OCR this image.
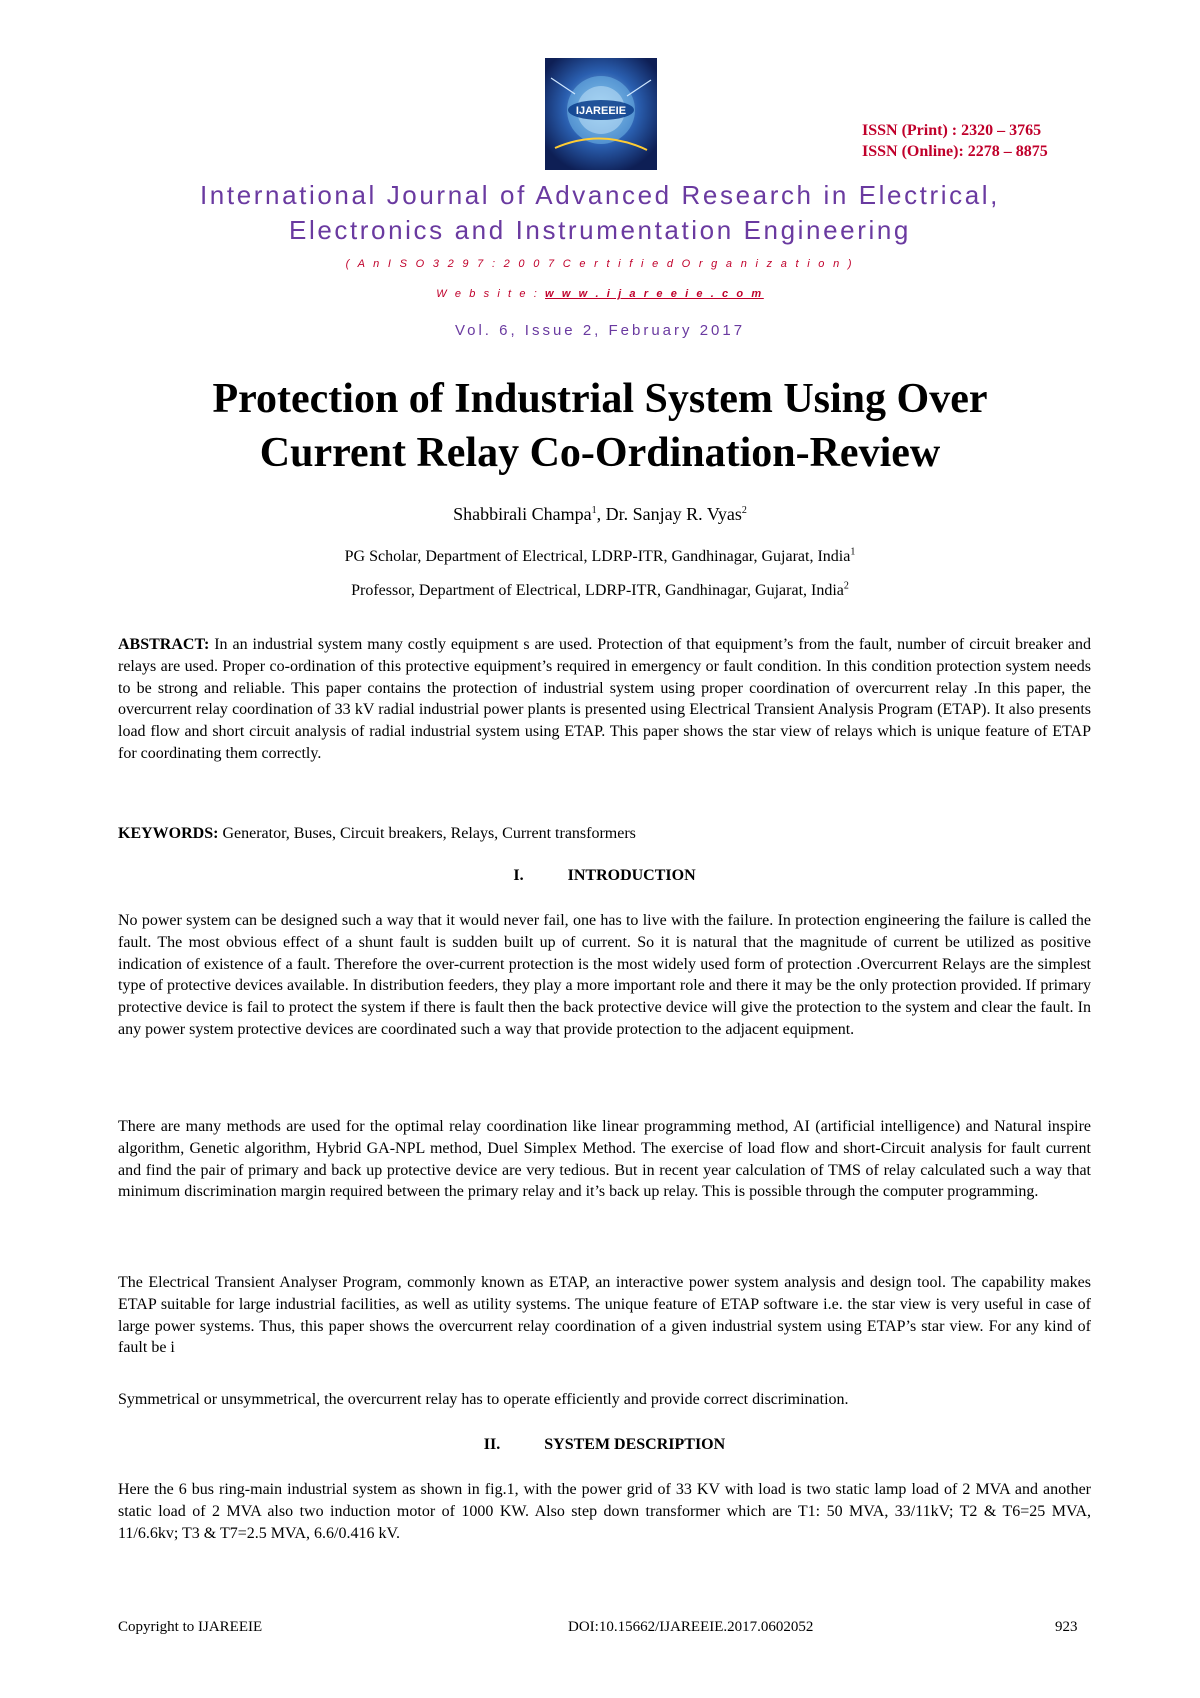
IJAREEIE
ISSN (Print) : 2320 – 3765
ISSN (Online): 2278 – 8875
International Journal of Advanced Research in Electrical,
Electronics and Instrumentation Engineering
( A n I S O 3 2 9 7 : 2 0 0 7 C e r t i f i e d O r g a n i z a t i o n )
W e b s i t e : w w w . i j a r e e i e . c o m
Vol. 6, Issue 2, February 2017
Protection of Industrial System Using Over
Current Relay Co-Ordination-Review
Shabbirali Champa$^1$, Dr. Sanjay R. Vyas$^2$
PG Scholar, Department of Electrical, LDRP-ITR, Gandhinagar, Gujarat, India$^1$
Professor, Department of Electrical, LDRP-ITR, Gandhinagar, Gujarat, India$^2$
ABSTRACT: In an industrial system many costly equipment s are used. Protection of that equipment’s from the fault, number of circuit breaker and relays are used. Proper co-ordination of this protective equipment’s required in emergency or fault condition. In this condition protection system needs to be strong and reliable. This paper contains the protection of industrial system using proper coordination of overcurrent relay .In this paper, the overcurrent relay coordination of 33 kV radial industrial power plants is presented using Electrical Transient Analysis Program (ETAP). It also presents load flow and short circuit analysis of radial industrial system using ETAP. This paper shows the star view of relays which is unique feature of ETAP for coordinating them correctly.
KEYWORDS: Generator, Buses, Circuit breakers, Relays, Current transformers
I.	INTRODUCTION
No power system can be designed such a way that it would never fail, one has to live with the failure. In protection engineering the failure is called the fault. The most obvious effect of a shunt fault is sudden built up of current. So it is natural that the magnitude of current be utilized as positive indication of existence of a fault. Therefore the over-current protection is the most widely used form of protection .Overcurrent Relays are the simplest type of protective devices available. In distribution feeders, they play a more important role and there it may be the only protection provided. If primary protective device is fail to protect the system if there is fault then the back protective device will give the protection to the system and clear the fault. In any power system protective devices are coordinated such a way that provide protection to the adjacent equipment.
There are many methods are used for the optimal relay coordination like linear programming method, AI (artificial intelligence) and Natural inspire algorithm, Genetic algorithm, Hybrid GA-NPL method, Duel Simplex Method. The exercise of load flow and short-Circuit analysis for fault current and find the pair of primary and back up protective device are very tedious. But in recent year calculation of TMS of relay calculated such a way that minimum discrimination margin required between the primary relay and it’s back up relay. This is possible through the computer programming.
The Electrical Transient Analyser Program, commonly known as ETAP, an interactive power system analysis and design tool. The capability makes ETAP suitable for large industrial facilities, as well as utility systems. The unique feature of ETAP software i.e. the star view is very useful in case of large power systems. Thus, this paper shows the overcurrent relay coordination of a given industrial system using ETAP’s star view. For any kind of fault be i
Symmetrical or unsymmetrical, the overcurrent relay has to operate efficiently and provide correct discrimination.
II.	SYSTEM DESCRIPTION
Here the 6 bus ring-main industrial system as shown in fig.1, with the power grid of 33 KV with load is two static lamp load of 2 MVA and another static load of 2 MVA also two induction motor of 1000 KW. Also step down transformer which are T1: 50 MVA, 33/11kV; T2 & T6=25 MVA, 11/6.6kv; T3 & T7=2.5 MVA, 6.6/0.416 kV.
Copyright to IJAREEIE	DOI:10.15662/IJAREEIE.2017.0602052	923
